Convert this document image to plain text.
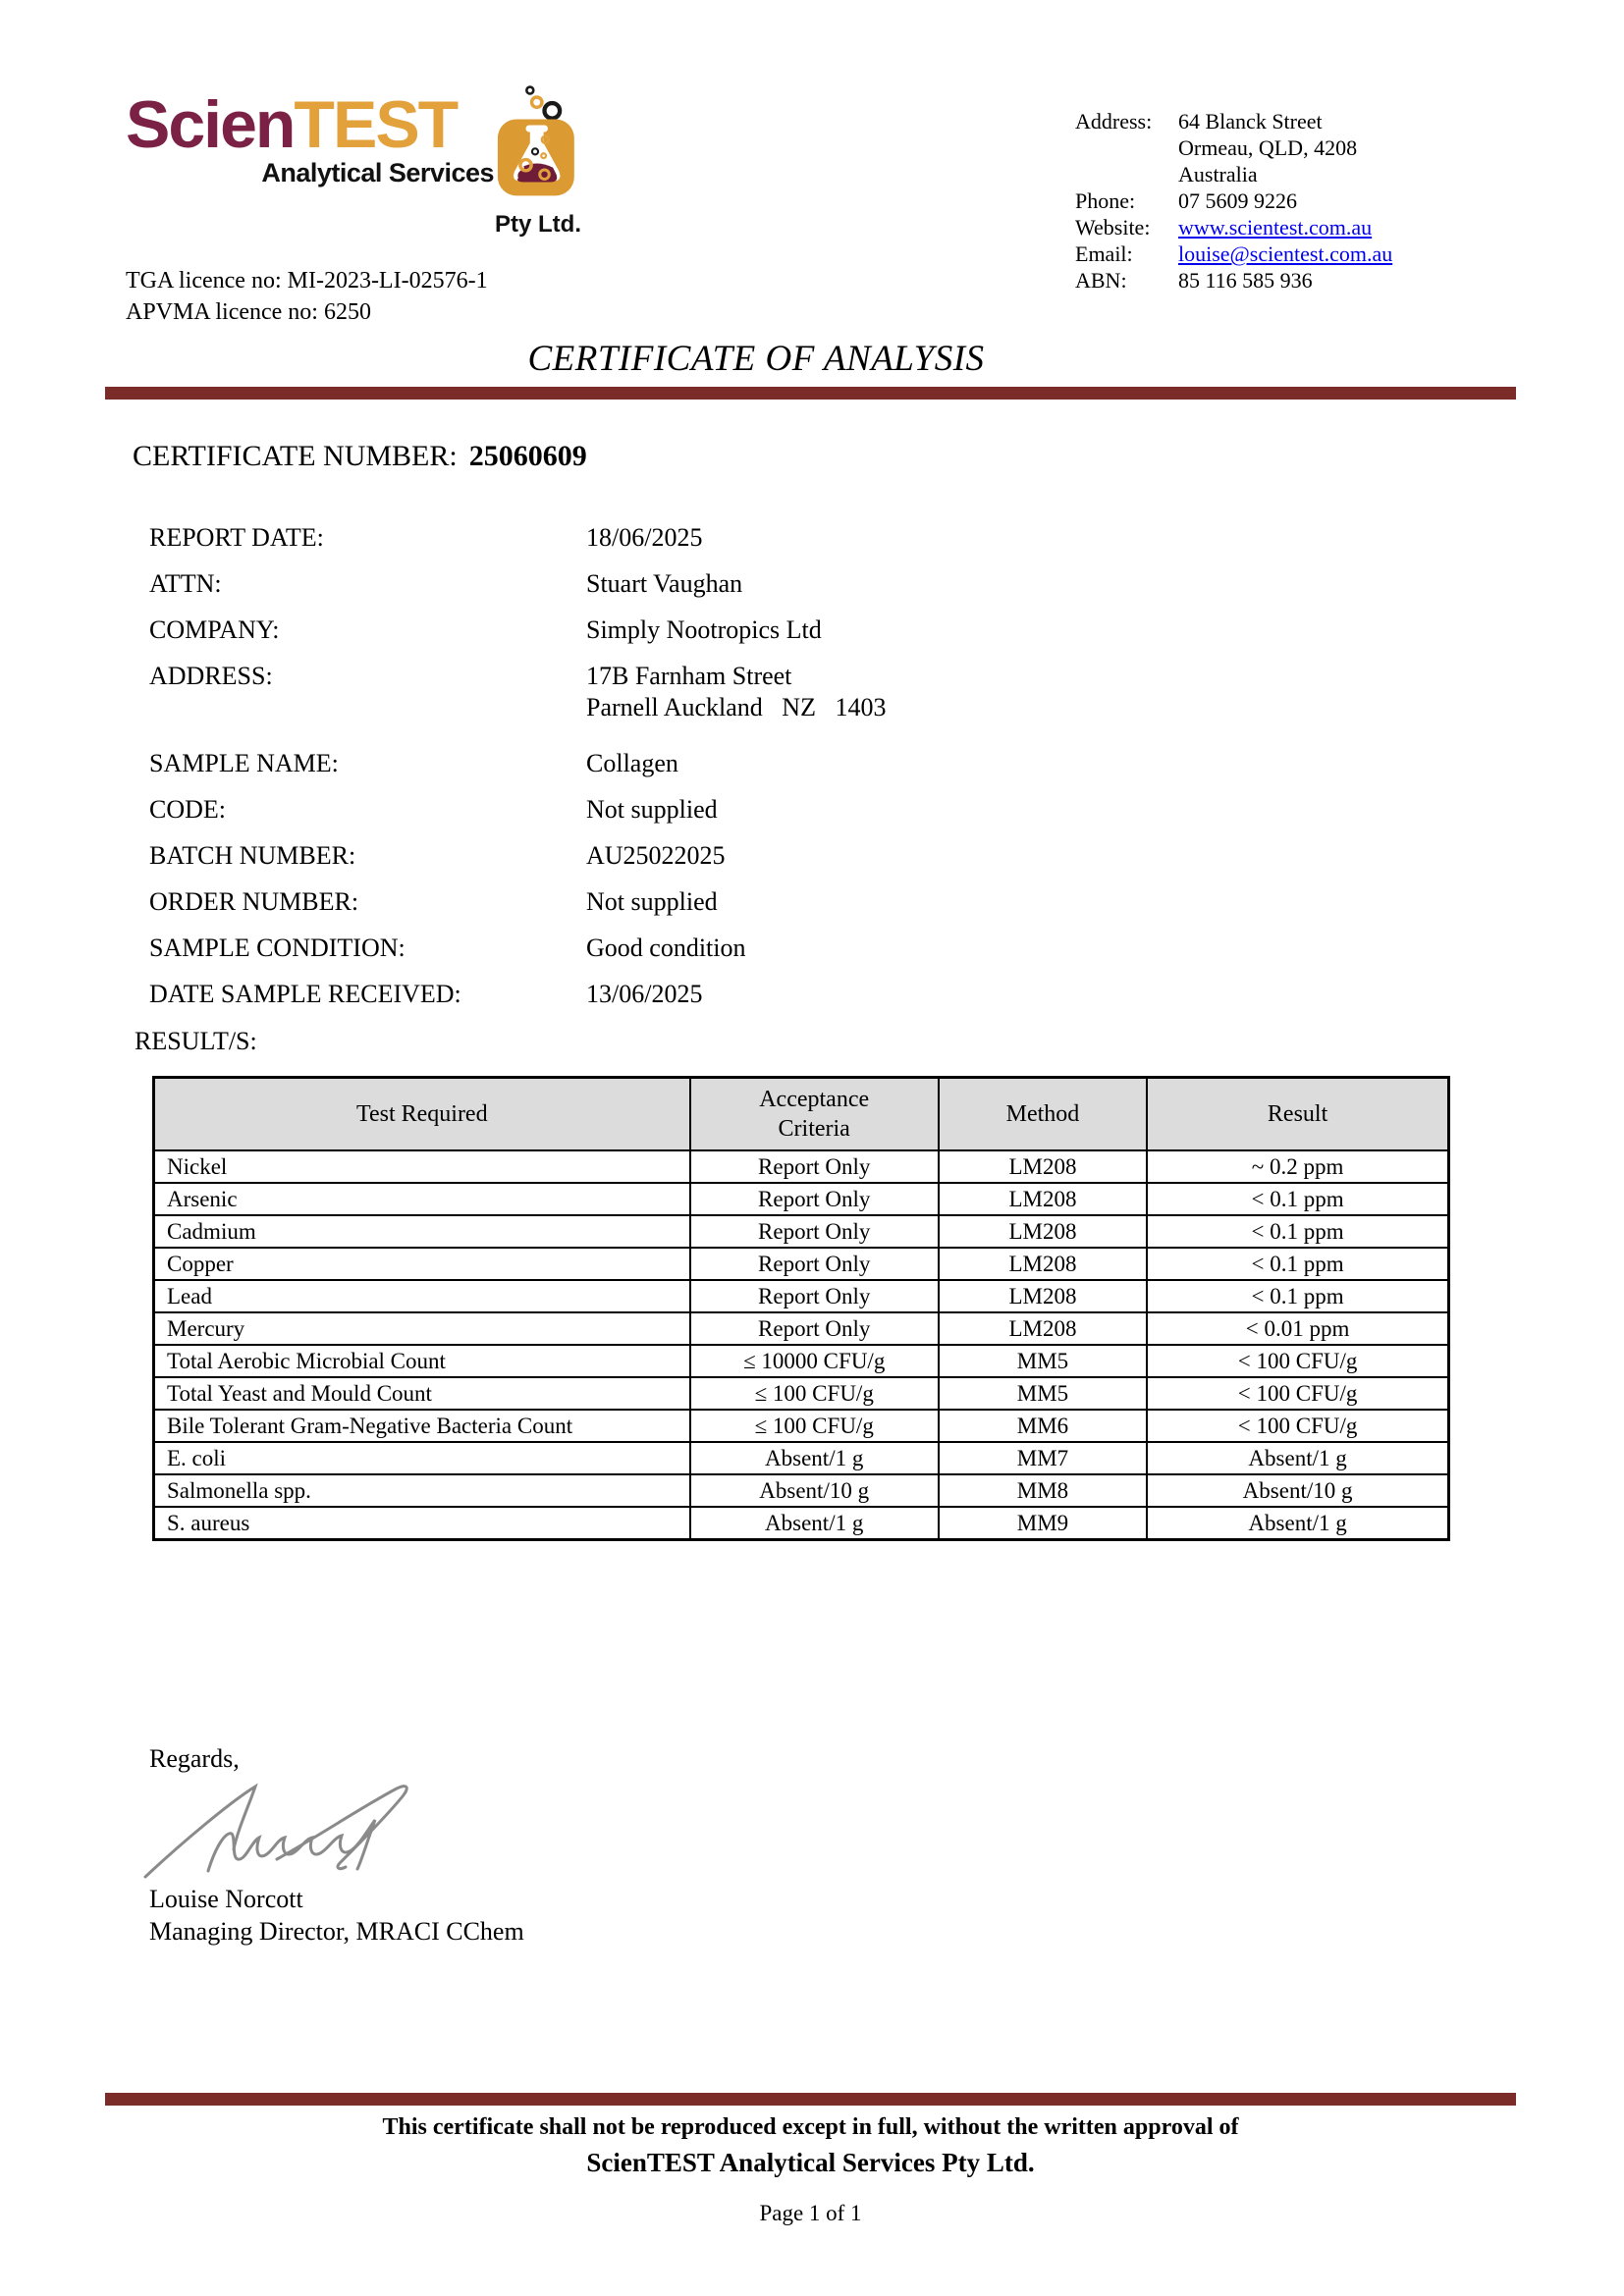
ScienTEST
Analytical Services
Pty Ltd.
TGA licence no: MI-2023-LI-02576-1
APVMA licence no: 6250
Address:	64 Blanck Street
Ormeau, QLD, 4208
Australia
Phone:	07 5609 9226
Website:	www.scientest.com.au
Email:	louise@scientest.com.au
ABN:	85 116 585 936
CERTIFICATE OF ANALYSIS
CERTIFICATE NUMBER: 25060609
REPORT DATE:	18/06/2025
ATTN:	Stuart Vaughan
COMPANY:	Simply Nootropics Ltd
ADDRESS:	17B Farnham Street
Parnell Auckland   NZ   1403
SAMPLE NAME:	Collagen
CODE:	Not supplied
BATCH NUMBER:	AU25022025
ORDER NUMBER:	Not supplied
SAMPLE CONDITION:	Good condition
DATE SAMPLE RECEIVED:	13/06/2025
RESULT/S:
Test Required	Acceptance Criteria	Method	Result
Nickel	Report Only	LM208	~ 0.2 ppm
Arsenic	Report Only	LM208	< 0.1 ppm
Cadmium	Report Only	LM208	< 0.1 ppm
Copper	Report Only	LM208	< 0.1 ppm
Lead	Report Only	LM208	< 0.1 ppm
Mercury	Report Only	LM208	< 0.01 ppm
Total Aerobic Microbial Count	≤ 10000 CFU/g	MM5	< 100 CFU/g
Total Yeast and Mould Count	≤ 100 CFU/g	MM5	< 100 CFU/g
Bile Tolerant Gram-Negative Bacteria Count	≤ 100 CFU/g	MM6	< 100 CFU/g
E. coli	Absent/1 g	MM7	Absent/1 g
Salmonella spp.	Absent/10 g	MM8	Absent/10 g
S. aureus	Absent/1 g	MM9	Absent/1 g
Regards,
Louise Norcott
Managing Director, MRACI CChem
This certificate shall not be reproduced except in full, without the written approval of
ScienTEST Analytical Services Pty Ltd.
Page 1 of 1
